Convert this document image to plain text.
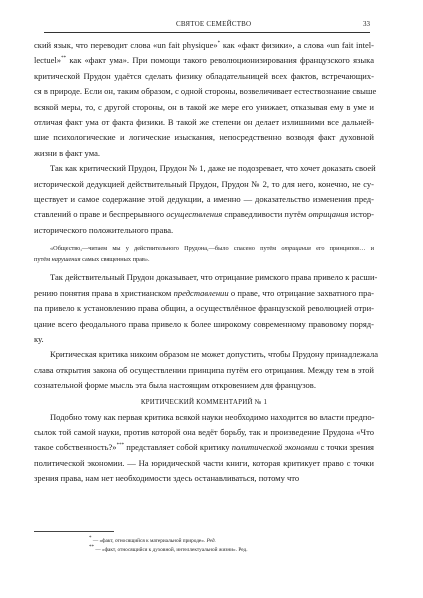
СВЯТОЕ СЕМЕЙСТВО	33
ский язык, что переводит слова «un fait physique»* как «факт физики», а слова «un fait intel-
lectuel»** как «факт ума». При помощи такого революционизирования французского языка
критической Прудон удаётся сделать физику обладательницей всех фактов, встречающих-
ся в природе. Если он, таким образом, с одной стороны, возвеличивает естествознание свыше
всякой меры, то, с другой стороны, он в такой же мере его унижает, отказывая ему в уме и
отличая факт ума от факта физики. В такой же степени он делает излишними все дальней-
шие психологические и логические изыскания, непосредственно возводя факт духовной
жизни в факт ума.
Так как критический Прудон, Прудон № 1, даже не подозревает, что хочет доказать своей
исторической дедукцией действительный Прудон, Прудон № 2, то для него, конечно, не су-
ществует и самое содержание этой дедукции, а именно — доказательство изменения пред-
ставлений о праве и беспрерывного осуществления справедливости путём отрицания истор-
исторического положительного права.
«Общество,—читаем мы у действительного Прудона,—было спасено путём отрицания его принципов… и
путём нарушения самых священных прав».
Так действительный Прудон доказывает, что отрицание римского права привело к расши-
рению понятия права в христианском представлении о праве, что отрицание захватного пра-
па привело к установлению права общин, а осуществлённое французской революцией отри-
цание всего феодального права привело к более широкому современному правовому поряд-
ку.
Критическая критика никоим образом не может допустить, чтобы Прудону принадлежала
слава открытия закона об осуществлении принципа путём его отрицания. Между тем в этой
сознательной форме мысль эта была настоящим откровением для французов.
КРИТИЧЕСКИЙ КОММЕНТАРИЙ № 1
Подобно тому как первая критика всякой науки необходимо находится во власти предпо-
сылок той самой науки, против которой она ведёт борьбу, так и произведение Прудона «Что
такое собственность?»*** представляет собой критику политической экономии с точки зрения
политической экономии. — На юридической части книги, которая критикует право с точки
зрения права, нам нет необходимости здесь останавливаться, потому что
* — «факт, относящийся к материальной природе». Ред.
** — «факт, относящийся к духовной, интеллектуальной жизни». Ред.
